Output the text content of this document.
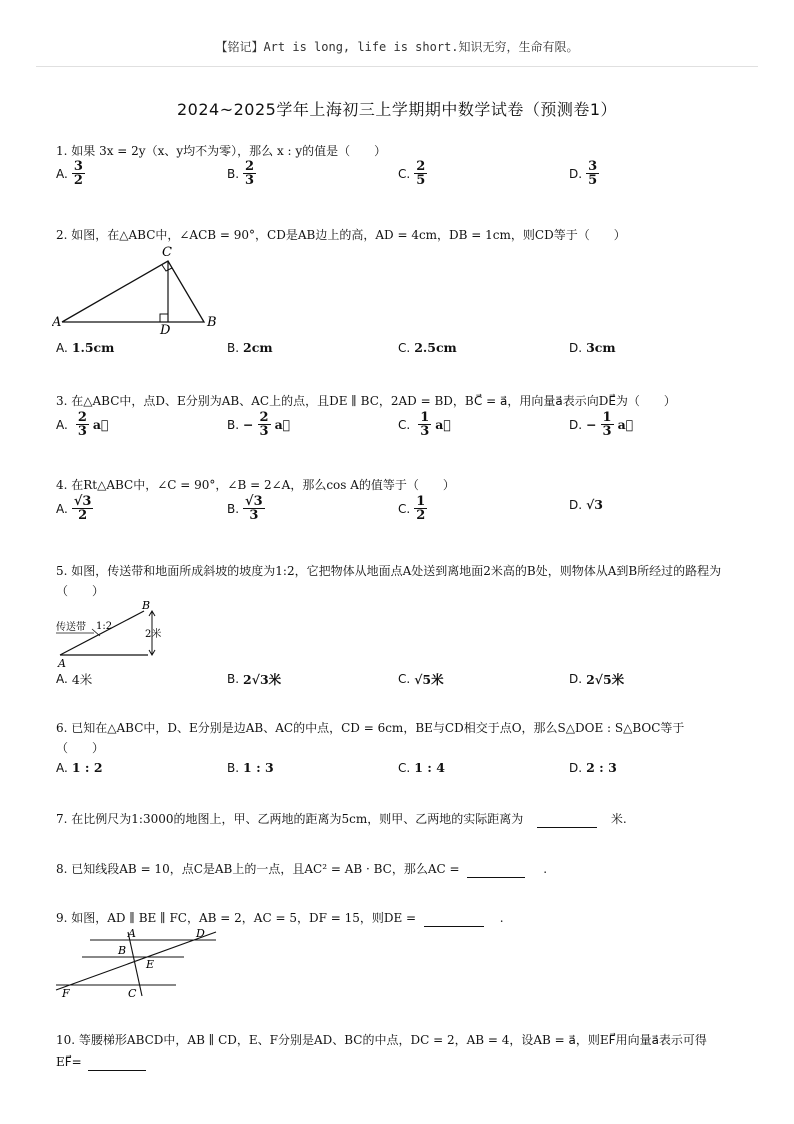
【铭记】Art is long, life is short.知识无穷，生命有限。
2024~2025学年上海初三上学期期中数学试卷（预测卷1）
1. 如果 3x = 2y（x、y均不为零），那么 x : y的值是（　　）
A. $\frac{3}{2}$	B. $\frac{2}{3}$	C. $\frac{2}{5}$	D. $\frac{3}{5}$
2. 如图，在△ABC中，∠ACB = 90°，CD是AB边上的高，AD = 4cm，DB = 1cm，则CD等于（　　）
C
A
D
B
A. 1.5cm	B. 2cm	C. 2.5cm	D. 3cm
3. 在△ABC中，点D、E分别为AB、AC上的点，且DE ∥ BC，2AD = BD，BC⃗ = a⃗，用向量a⃗表示向DE⃗为（　　）
A. $\frac{2}{3}$ a⃗	B. − $\frac{2}{3}$ a⃗	C. $\frac{1}{3}$ a⃗	D. − $\frac{1}{3}$ a⃗
4. 在Rt△ABC中，∠C = 90°，∠B = 2∠A，那么cos A的值等于（　　）
A. $\frac{√3}{2}$	B. $\frac{√3}{3}$	C. $\frac{1}{2}$	D. √3
5. 如图，传送带和地面所成斜坡的坡度为1:2，它把物体从地面点A处送到离地面2米高的B处，则物体从A到B所经过的路程为
（　　）
传送带 1:2
B
A
2米
A. 4米	B. 2√3米	C. √5米	D. 2√5米
6. 已知在△ABC中，D、E分别是边AB、AC的中点，CD = 6cm，BE与CD相交于点O，那么S△DOE : S△BOC等于
（　　）
A. 1 : 2	B. 1 : 3	C. 1 : 4	D. 2 : 3
7. 在比例尺为1:3000的地图上，甲、乙两地的距离为5cm，则甲、乙两地的实际距离为	米.
8. 已知线段AB = 10，点C是AB上的一点，且AC² = AB · BC，那么AC =	.
9. 如图，AD ∥ BE ∥ FC，AB = 2，AC = 5，DF = 15，则DE =	.
A	D
B
E
F	C
10. 等腰梯形ABCD中，AB ∥ CD，E、F分别是AD、BC的中点，DC = 2，AB = 4，设AB = a⃗，则EF⃗用向量a⃗表示可得
EF⃗=
